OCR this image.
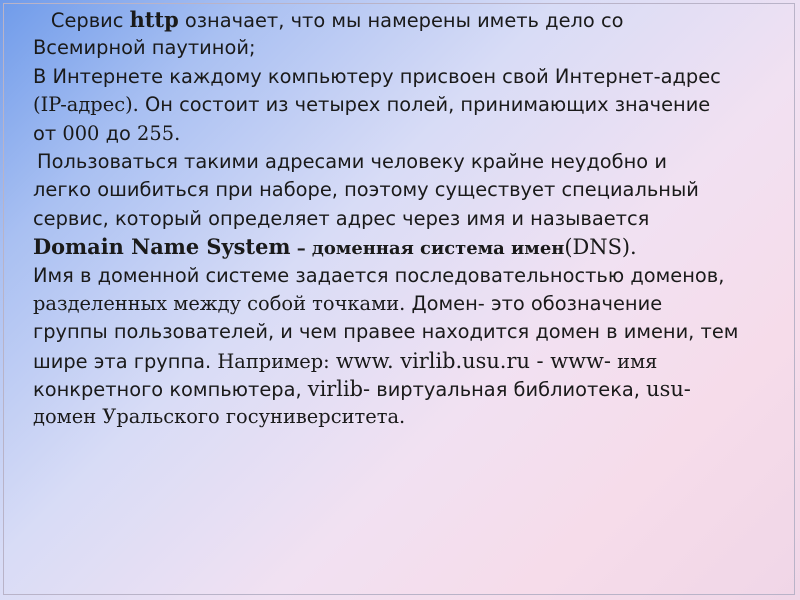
Сервис http означает, что мы намерены иметь дело со
Всемирной паутиной;
В Интернете каждому компьютеру присвоен свой Интернет-адрес
(IP-адрес). Он состоит из четырех полей, принимающих значение
от 000 до 255.
Пользоваться такими адресами человеку крайне неудобно и
легко ошибиться при наборе, поэтому существует специальный
сервис, который определяет адрес через имя и называется
Domain Name System – доменная система имен(DNS).
Имя в доменной системе задается последовательностью доменов,
разделенных между собой точками. Домен- это обозначение
группы пользователей, и чем правее находится домен в имени, тем
шире эта группа. Например: www. virlib.usu.ru - www- имя
конкретного компьютера, virlib- виртуальная библиотека, usu-
домен Уральского госуниверситета.
